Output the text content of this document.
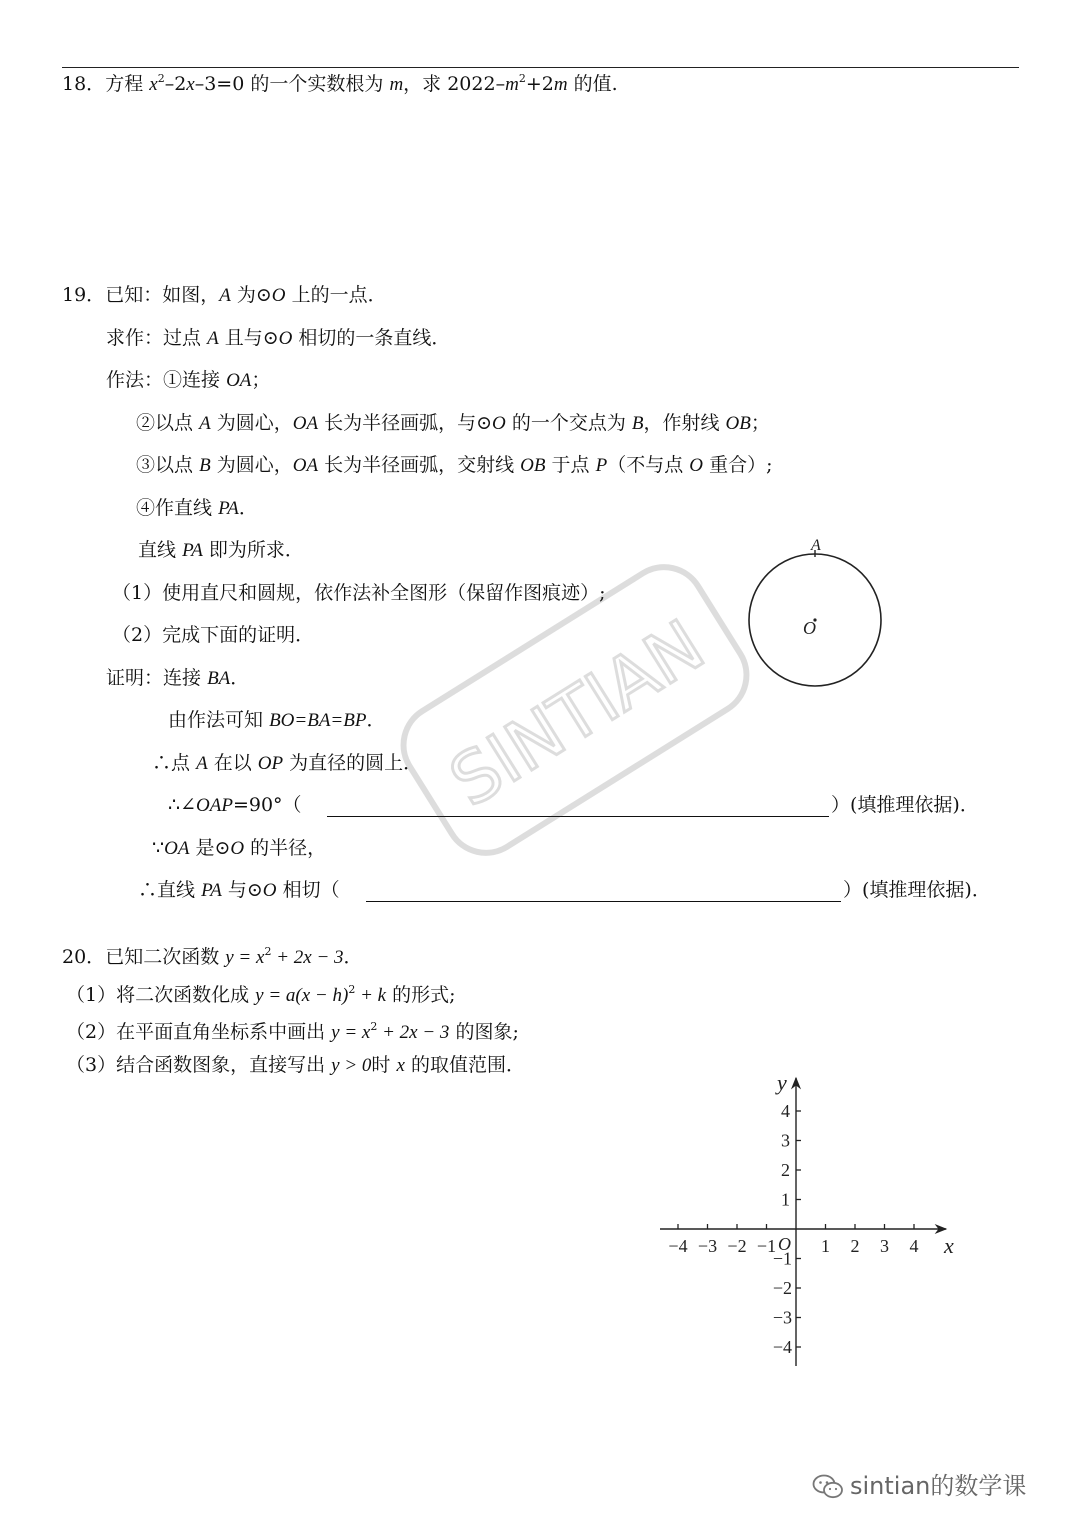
18．方程 $x^2-2x-3=0$ 的一个实数根为 m，求 $2022-m^2+2m$ 的值.
19．已知：如图，A 为⊙O 上的一点．
求作：过点 A 且与⊙O 相切的一条直线．
作法：①连接 OA；
②以点 A 为圆心，OA 长为半径画弧，与⊙O 的一个交点为 B，作射线 OB；
③以点 B 为圆心，OA 长为半径画弧，交射线 OB 于点 P（不与点 O 重合）;
④作直线 PA．
直线 PA 即为所求．
（1）使用直尺和圆规，依作法补全图形（保留作图痕迹）;
（2）完成下面的证明．
证明：连接 BA．
由作法可知 BO=BA=BP．
∴点 A 在以 OP 为直径的圆上．
∴∠OAP=90°（	）(填推理依据)．
∵OA 是⊙O 的半径，
∴直线 PA 与⊙O 相切（	）(填推理依据)．
A
O
20．已知二次函数 $y = x^2 + 2x - 3$．
（1）将二次函数化成 $y = a(x - h)^2 + k$ 的形式;
（2）在平面直角坐标系中画出 $y = x^2 + 2x - 3$ 的图象;
（3）结合函数图象，直接写出 y > 0时 x 的取值范围．
x
y
O
−4 −3 −2 −1 1 2 3 4
4
3
2
1
−1
−2
−3
−4
SINTIAN
sintian的数学课
